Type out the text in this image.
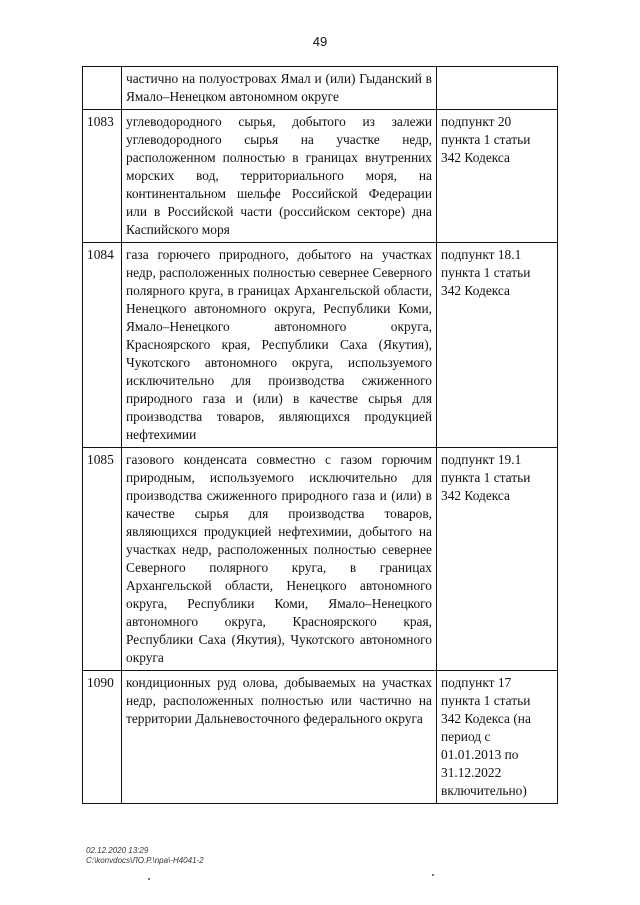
49
	частично на полуостровах Ямал и (или) Гыданский в Ямало–Ненецком автономном округе	
1083	углеводородного сырья, добытого из залежи углеводородного сырья на участке недр, расположенном полностью в границах внутренних морских вод, территориального моря, на континентальном шельфе Российской Федерации или в Российской части (российском секторе) дна Каспийского моря	подпункт 20 пункта 1 статьи 342 Кодекса
1084	газа горючего природного, добытого на участках недр, расположенных полностью севернее Северного полярного круга, в границах Архангельской области, Ненецкого автономного округа, Республики Коми, Ямало–Ненецкого автономного округа, Красноярского края, Республики Саха (Якутия), Чукотского автономного округа, используемого исключительно для производства сжиженного природного газа и (или) в качестве сырья для производства товаров, являющихся продукцией нефтехимии	подпункт 18.1 пункта 1 статьи 342 Кодекса
1085	газового конденсата совместно с газом горючим природным, используемого исключительно для производства сжиженного природного газа и (или) в качестве сырья для производства товаров, являющихся продукцией нефтехимии, добытого на участках недр, расположенных полностью севернее Северного полярного круга, в границах Архангельской области, Ненецкого автономного округа, Республики Коми, Ямало–Ненецкого автономного округа, Красноярского края, Республики Саха (Якутия), Чукотского автономного округа	подпункт 19.1 пункта 1 статьи 342 Кодекса
1090	кондиционных руд олова, добываемых на участках недр, расположенных полностью или частично на территории Дальневосточного федерального округа	подпункт 17 пункта 1 статьи 342 Кодекса (на период с 01.01.2013 по 31.12.2022 включительно)
02.12.2020 13:29
C:\konvdocs\ЛО.Р.\npa\-Н4041-2
